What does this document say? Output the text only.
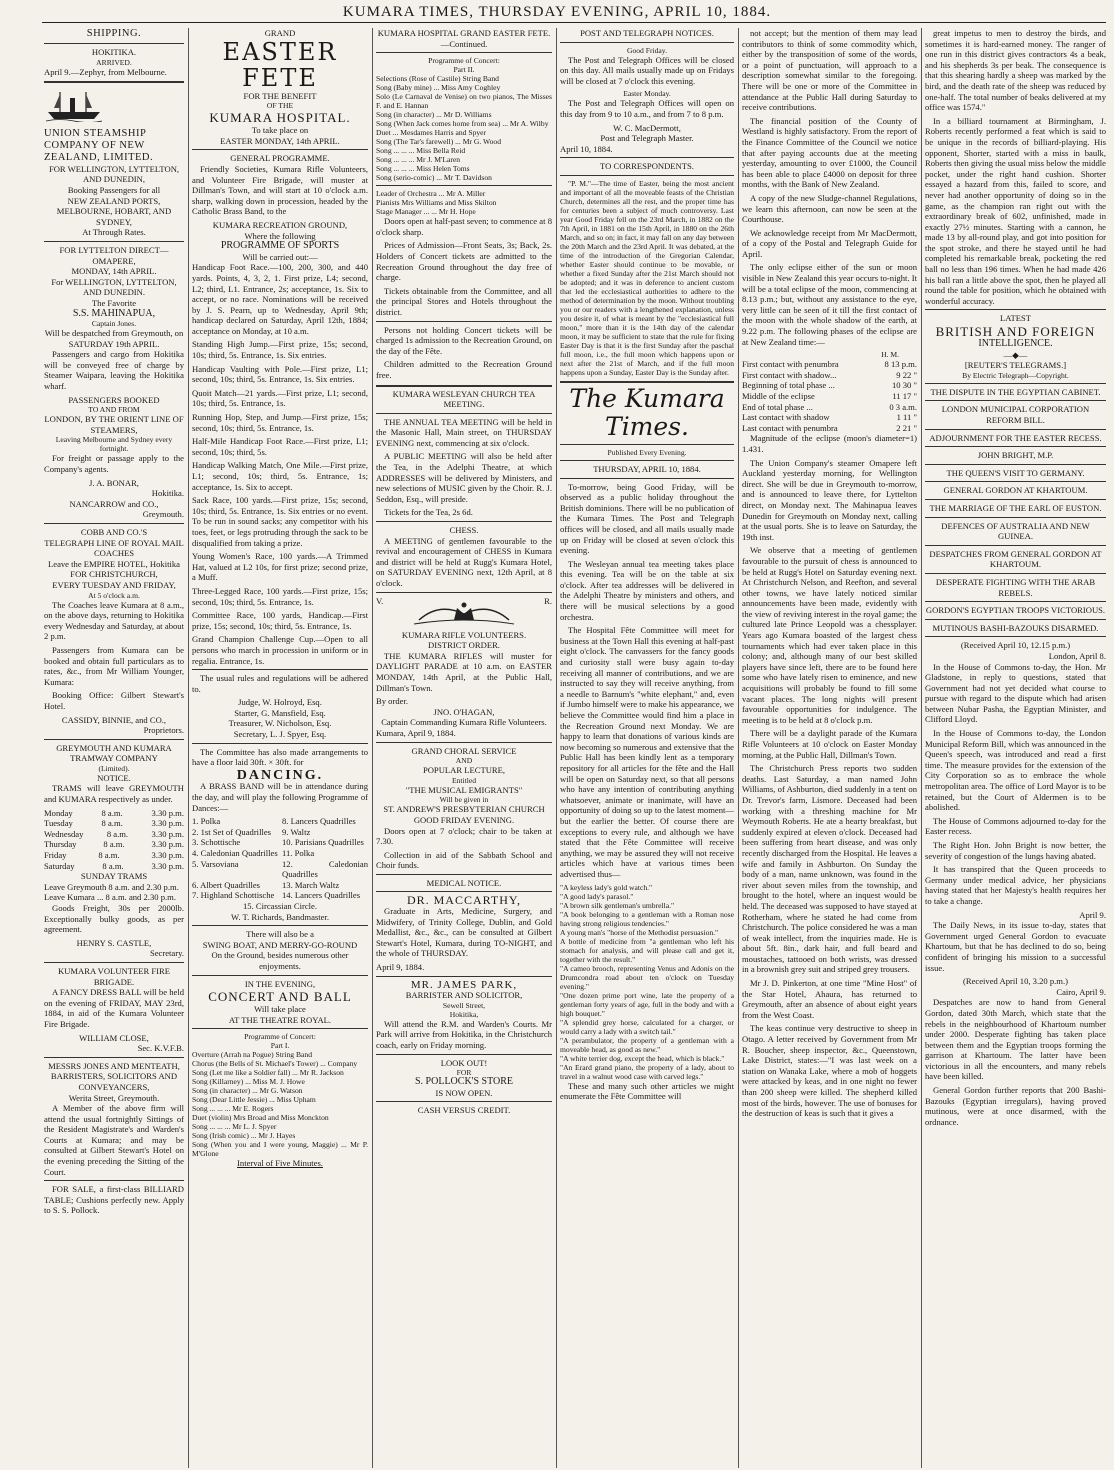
KUMARA TIMES, THURSDAY EVENING, APRIL 10, 1884.
SHIPPING.
HOKITIKA.
ARRIVED.
April 9.—Zephyr, from Melbourne.
UNION STEAMSHIP COMPANY OF NEW ZEALAND, LIMITED.
FOR WELLINGTON, LYTTELTON, AND DUNEDIN,
Booking Passengers for all
NEW ZEALAND PORTS, MELBOURNE, HOBART, AND SYDNEY,
At Through Rates.
FOR LYTTELTON DIRECT—OMAPERE,
MONDAY, 14th APRIL.
For WELLINGTON, LYTTELTON, AND DUNEDIN.
The Favorite
S.S. MAHINAPUA,
Captain Jones.
Will be despatched from Greymouth, on
SATURDAY 19th APRIL.

Passengers and cargo from Hokitika will be conveyed free of charge by Steamer Waipara, leaving the Hokitika wharf.

PASSENGERS BOOKED
TO AND FROM
LONDON, BY THE ORIENT LINE OF STEAMERS,
Leaving Melbourne and Sydney every fortnight.

For freight or passage apply to the Company's agents.

J. A. BONAR,
Hokitika.
NANCARROW and CO.,
Greymouth.
COBB AND CO.'S
TELEGRAPH LINE OF ROYAL MAIL COACHES
Leave the EMPIRE HOTEL, Hokitika FOR CHRISTCHURCH,
EVERY TUESDAY AND FRIDAY,
At 5 o'clock a.m.

The Coaches leave Kumara at 8 a.m., on the above days, returning to Hokitika every Wednesday and Saturday, at about 2 p.m.

Passengers from Kumara can be booked and obtain full particulars as to rates, &c., from Mr William Younger, Kumara:

Booking Office: Gilbert Stewart's Hotel.

CASSIDY, BINNIE, and CO.,
Proprietors.
GREYMOUTH AND KUMARA TRAMWAY COMPANY
(Limited).
NOTICE.

TRAMS will leave GREYMOUTH and KUMARA respectively as under.

Monday	8 a.m.	3.30 p.m.
Tuesday	8 a.m.	3.30 p.m.
Wednesday	8 a.m.	3.30 p.m.
Thursday	8 a.m.	3.30 p.m.
Friday	8 a.m.	3.30 p.m.
Saturday	8 a.m.	3.30 p.m.
SUNDAY TRAMS
Leave Greymouth 8 a.m. and 2.30 p.m.
Leave Kumara ... 8 a.m. and 2.30 p.m.

Goods Freight, 30s per 2000lb. Exceptionally bulky goods, as per agreement.

HENRY S. CASTLE,
Secretary.
KUMARA VOLUNTEER FIRE BRIGADE.

A FANCY DRESS BALL will be held on the evening of FRIDAY, MAY 23rd, 1884, in aid of the Kumara Volunteer Fire Brigade.

WILLIAM CLOSE,
Sec. K.V.F.B.
MESSRS JONES AND MENTEATH,
BARRISTERS, SOLICITORS AND CONVEYANCERS,
Werita Street, Greymouth.

A Member of the above firm will attend the usual fortnightly Sittings of the Resident Magistrate's and Warden's Courts at Kumara; and may be consulted at Gilbert Stewart's Hotel on the evening preceding the Sitting of the Court.

FOR SALE, a first-class BILLIARD TABLE; Cushions perfectly new. Apply to S. S. Pollock.

GRAND
EASTER FETE
FOR THE BENEFIT
OF THE
KUMARA HOSPITAL.
To take place on
EASTER MONDAY, 14th APRIL.
GENERAL PROGRAMME.

Friendly Societies, Kumara Rifle Volunteers, and Volunteer Fire Brigade, will muster at Dillman's Town, and will start at 10 o'clock a.m. sharp, walking down in procession, headed by the Catholic Brass Band, to the

KUMARA RECREATION GROUND,
Where the following
PROGRAMME OF SPORTS
Will be carried out:—

Handicap Foot Race.—100, 200, 300, and 440 yards. Points, 4, 3, 2, 1. First prize, L4; second, L2; third, L1. Entrance, 2s; acceptance, 1s. Six to accept, or no race. Nominations will be received by J. S. Pearn, up to Wednesday, April 9th; handicap declared on Saturday, April 12th, 1884; acceptance on Monday, at 10 a.m.

Standing High Jump.—First prize, 15s; second, 10s; third, 5s. Entrance, 1s. Six entries.

Handicap Vaulting with Pole.—First prize, L1; second, 10s; third, 5s. Entrance, 1s. Six entries.

Quoit Match—21 yards.—First prize, L1; second, 10s; third, 5s. Entrance, 1s.

Running Hop, Step, and Jump.—First prize, 15s; second, 10s; third, 5s. Entrance, 1s.

Half-Mile Handicap Foot Race.—First prize, L1; second, 10s; third, 5s.

Handicap Walking Match, One Mile.—First prize, L1; second, 10s; third, 5s. Entrance, 1s; acceptance, 1s. Six to accept.

Sack Race, 100 yards.—First prize, 15s; second, 10s; third, 5s. Entrance, 1s. Six entries or no event. To be run in sound sacks; any competitor with his toes, feet, or legs protruding through the sack to be disqualified from taking a prize.

Young Women's Race, 100 yards.—A Trimmed Hat, valued at L2 10s, for first prize; second prize, a Muff.

Three-Legged Race, 100 yards.—First prize, 15s; second, 10s; third, 5s. Entrance, 1s.

Committee Race, 100 yards, Handicap.—First prize, 15s; second, 10s; third, 5s. Entrance, 1s.

Grand Champion Challenge Cup.—Open to all persons who march in procession in uniform or in regalia. Entrance, 1s.

The usual rules and regulations will be adhered to.

Judge, W. Holroyd, Esq.
Starter, G. Mansfield, Esq.
Treasurer, W. Nicholson, Esq.
Secretary, L. J. Spyer, Esq.

The Committee has also made arrangements to have a floor laid 30ft. × 30ft. for

DANCING.

A BRASS BAND will be in attendance during the day, and will play the following Programme of Dances:—

1. Polka	8. Lancers Quadrilles
2. 1st Set of Quadrilles	9. Waltz
3. Schottische	10. Parisians Quadrilles
4. Caledonian Quadrilles 11. Polka
5. Varsoviana	12. Caledonian Quadrilles
6. Albert Quadrilles	13. March Waltz
7. Highland Schottische 14. Lancers Quadrilles
15. Circassian Circle.
W. T. Richards, Bandmaster.
There will also be a
SWING BOAT, AND MERRY-GO-ROUND
On the Ground, besides numerous other enjoyments.
IN THE EVENING,
CONCERT AND BALL
Will take place
AT THE THEATRE ROYAL.
Programme of Concert:
Part I.
Overture (Arrah na Pogue) String Band
Chorus (the Bells of St. Michael's Tower) ... Company
Song (Let me like a Soldier fall) ... Mr R. Jackson
Song (Killarney) ... Miss M. J. Howe
Song (in character) ... Mr G. Watson
Song (Dear Little Jessie) ... Miss Upham
Song ... ... ... Mr E. Rogers
Duet (violin) Mrs Broad and Miss Monckton
Song ... ... ... Mr L. J. Spyer
Song (Irish comic) ... Mr J. Hayes
Song (When you and I were young, Maggie) ... Mr P. M'Glone
Interval of Five Minutes.
KUMARA HOSPITAL GRAND EASTER FETE.—Continued.
Programme of Concert:
Part II.
Selections (Rose of Castile) String Band
Song (Baby mine) ... Miss Amy Coghley
Solo (Le Carnaval de Venise) on two pianos, The Misses F. and E. Hannan
Song (in character) ... Mr D. Williams
Song (When Jack comes home from sea) ... Mr A. Wilby
Duet ... Mesdames Harris and Spyer
Song (The Tar's farewell) ... Mr G. Wood
Song ... ... ... Miss Bella Reid
Song ... ... ... Mr J. M'Laren
Song ... ... ... Miss Helen Toms
Song (serio-comic) ... Mr T. Davidson
Leader of Orchestra ... Mr A. Miller
Pianists Mrs Williams and Miss Skilton
Stage Manager ... ... Mr H. Hope

Doors open at half-past seven; to commence at 8 o'clock sharp.

Prices of Admission—Front Seats, 3s; Back, 2s. Holders of Concert tickets are admitted to the Recreation Ground throughout the day free of charge.

Tickets obtainable from the Committee, and all the principal Stores and Hotels throughout the district.

Persons not holding Concert tickets will be charged 1s admission to the Recreation Ground, on the day of the Fête.

Children admitted to the Recreation Ground free.

KUMARA WESLEYAN CHURCH TEA MEETING.

THE ANNUAL TEA MEETING will be held in the Masonic Hall, Main street, on THURSDAY EVENING next, commencing at six o'clock.

A PUBLIC MEETING will also be held after the Tea, in the Adelphi Theatre, at which ADDRESSES will be delivered by Ministers, and new selections of MUSIC given by the Choir. R. J. Seddon, Esq., will preside.

Tickets for the Tea, 2s 6d.

CHESS.

A MEETING of gentlemen favourable to the revival and encouragement of CHESS in Kumara and district will be held at Rugg's Kumara Hotel, on SATURDAY EVENING next, 12th April, at 8 o'clock.

V.	R.
KUMARA RIFLE VOLUNTEERS.
DISTRICT ORDER.

THE KUMARA RIFLES will muster for DAYLIGHT PARADE at 10 a.m. on EASTER MONDAY, 14th April, at the Public Hall, Dillman's Town.

By order.
JNO. O'HAGAN,
Captain Commanding Kumara Rifle Volunteers.
Kumara, April 9, 1884.
GRAND CHORAL SERVICE
AND
POPULAR LECTURE,
Entitled
"THE MUSICAL EMIGRANTS"
Will be given in
ST. ANDREW'S PRESBYTERIAN CHURCH
GOOD FRIDAY EVENING.

Doors open at 7 o'clock; chair to be taken at 7.30.

Collection in aid of the Sabbath School and Choir funds.

MEDICAL NOTICE.
DR. MACCARTHY,

Graduate in Arts, Medicine, Surgery, and Midwifery, of Trinity College, Dublin, and Gold Medallist, &c., &c., can be consulted at Gilbert Stewart's Hotel, Kumara, during TO-NIGHT, and the whole of THURSDAY.

April 9, 1884.
MR. JAMES PARK,
BARRISTER AND SOLICITOR,
Sewell Street,
Hokitika,

Will attend the R.M. and Warden's Courts. Mr Park will arrive from Hokitika, in the Christchurch coach, early on Friday morning.

LOOK OUT!
FOR
S. POLLOCK'S STORE
IS NOW OPEN.
CASH VERSUS CREDIT.
POST AND TELEGRAPH NOTICES.
Good Friday.

The Post and Telegraph Offices will be closed on this day. All mails usually made up on Fridays will be closed at 7 o'clock this evening.

Easter Monday.

The Post and Telegraph Offices will open on this day from 9 to 10 a.m., and from 7 to 8 p.m.

W. C. MacDermott,
Post and Telegraph Master.
April 10, 1884.
TO CORRESPONDENTS.

"P. M."—The time of Easter, being the most ancient and important of all the moveable feasts of the Christian Church, determines all the rest, and the proper time has for centuries been a subject of much controversy. Last year Good Friday fell on the 23rd March, in 1882 on the 7th April, in 1881 on the 15th April, in 1880 on the 26th March, and so on; in fact, it may fall on any day between the 20th March and the 23rd April. It was debated, at the time of the introduction of the Gregorian Calendar, whether Easter should continue to be movable, or whether a fixed Sunday after the 21st March should not be adopted; and it was in deference to ancient custom that led the ecclesiastical authorities to adhere to the method of determination by the moon. Without troubling you or our readers with a lengthened explanation, unless you desire it, of what is meant by the "ecclesiastical full moon," more than it is the 14th day of the calendar moon, it may be sufficient to state that the rule for fixing Easter Day is that it is the first Sunday after the paschal full moon, i.e., the full moon which happens upon or next after the 21st of March, and if the full moon happens upon a Sunday, Easter Day is the Sunday after.

The Kumara Times.
Published Every Evening.
THURSDAY, APRIL 10, 1884.

To-morrow, being Good Friday, will be observed as a public holiday throughout the British dominions. There will be no publication of the Kumara Times. The Post and Telegraph offices will be closed, and all mails usually made up on Friday will be closed at seven o'clock this evening.

The Wesleyan annual tea meeting takes place this evening. Tea will be on the table at six o'clock. After tea addresses will be delivered in the Adelphi Theatre by ministers and others, and there will be musical selections by a good orchestra.

The Hospital Fête Committee will meet for business at the Town Hall this evening at half-past eight o'clock. The canvassers for the fancy goods and curiosity stall were busy again to-day receiving all manner of contributions, and we are instructed to say they will receive anything, from a needle to Barnum's "white elephant," and, even if Jumbo himself were to make his appearance, we believe the Committee would find him a place in the Recreation Ground next Monday. We are happy to learn that donations of various kinds are now becoming so numerous and extensive that the Public Hall has been kindly lent as a temporary repository for all articles for the fête and the Hall will be open on Saturday next, so that all persons who have any intention of contributing anything whatsoever, animate or inanimate, will have an opportunity of doing so up to the latest moment—but the earlier the better. Of course there are exceptions to every rule, and although we have stated that the Fête Committee will receive anything, we may be assured they will not receive articles which have at various times been advertised thus—

"A keyless lady's gold watch."
"A good lady's parasol."
"A brown silk gentleman's umbrella."
"A book belonging to a gentleman with a Roman nose having strong religious tendencies."
A young man's "horse of the Methodist persuasion."
A bottle of medicine from "a gentleman who left his stomach for analysis, and will please call and get it, together with the result."
"A cameo brooch, representing Venus and Adonis on the Drumcondra road about ten o'clock on Tuesday evening."
"One dozen prime port wine, late the property of a gentleman forty years of age, full in the body and with a high bouquet."
"A splendid grey horse, calculated for a charger, or would carry a lady with a switch tail."
"A perambulator, the property of a gentleman with a moveable head, as good as new."
"A white terrier dog, except the head, which is black."
"An Erard grand piano, the property of a lady, about to travel in a walnut wood case with carved legs."

These and many such other articles we might enumerate the Fête Committee will

not accept; but the mention of them may lead contributors to think of some commodity which, either by the transposition of some of the words, or a point of punctuation, will approach to a description somewhat similar to the foregoing. There will be one or more of the Committee in attendance at the Public Hall during Saturday to receive contributions.

The financial position of the County of Westland is highly satisfactory. From the report of the Finance Committee of the Council we notice that after paying accounts due at the meeting yesterday, amounting to over £1000, the Council has been able to place £4000 on deposit for three months, with the Bank of New Zealand.

A copy of the new Sludge-channel Regulations, we learn this afternoon, can now be seen at the Courthouse.

We acknowledge receipt from Mr MacDermott, of a copy of the Postal and Telegraph Guide for April.

The only eclipse either of the sun or moon visible in New Zealand this year occurs to-night. It will be a total eclipse of the moon, commencing at 8.13 p.m.; but, without any assistance to the eye, very little can be seen of it till the first contact of the moon with the whole shadow of the earth, at 9.22 p.m. The following phases of the eclipse are at New Zealand time:—

H. M.
First contact with penumbra	8 13 p.m.
First contact with shadow...	9 22 "
Beginning of total phase ...	10 30 "
Middle of the eclipse	11 17 "
End of total phase ...	0 3 a.m.
Last contact with shadow	1 11 "
Last contact with penumbra	2 21 "

Magnitude of the eclipse (moon's diameter=1) 1.431.

The Union Company's steamer Omapere left Auckland yesterday morning, for Wellington direct. She will be due in Greymouth to-morrow, and is announced to leave there, for Lyttelton direct, on Monday next. The Mahinapua leaves Dunedin for Greymouth on Monday next, calling at the usual ports. She is to leave on Saturday, the 19th inst.

We observe that a meeting of gentlemen favourable to the pursuit of chess is announced to be held at Rugg's Hotel on Saturday evening next. At Christchurch Nelson, and Reefton, and several other towns, we have lately noticed similar announcements have been made, evidently with the view of reviving interest in the royal game; the cultured late Prince Leopold was a chessplayer. Years ago Kumara boasted of the largest chess tournaments which had ever taken place in this colony; and, although many of our best skilled players have since left, there are to be found here some who have lately risen to eminence, and new acquisitions will probably be found to fill some vacant places. The long nights will present favourable opportunities for indulgence. The meeting is to be held at 8 o'clock p.m.

There will be a daylight parade of the Kumara Rifle Volunteers at 10 o'clock on Easter Monday morning, at the Public Hall, Dillman's Town.

The Christchurch Press reports two sudden deaths. Last Saturday, a man named John Williams, of Ashburton, died suddenly in a tent on Dr. Trevor's farm, Lismore. Deceased had been working with a threshing machine for Mr Weymouth Roberts. He ate a hearty breakfast, but suddenly expired at eleven o'clock. Deceased had been suffering from heart disease, and was only recently discharged from the Hospital. He leaves a wife and family in Ashburton. On Sunday the body of a man, name unknown, was found in the river about seven miles from the township, and brought to the hotel, where an inquest would be held. The deceased was supposed to have stayed at Rotherham, where he stated he had come from Christchurch. The police considered he was a man of weak intellect, from the inquiries made. He is about 5ft. 8in., dark hair, and full beard and moustaches, tattooed on both wrists, was dressed in a brownish grey suit and striped grey trousers.

Mr J. D. Pinkerton, at one time "Mine Host" of the Star Hotel, Ahaura, has returned to Greymouth, after an absence of about eight years from the West Coast.

The keas continue very destructive to sheep in Otago. A letter received by Government from Mr R. Boucher, sheep inspector, &c., Queenstown, Lake District, states:—"I was last week on a station on Wanaka Lake, where a mob of hoggets were attacked by keas, and in one night no fewer than 200 sheep were killed. The shepherd killed most of the birds, however. The use of bonuses for the destruction of keas is such that it gives a

great impetus to men to destroy the birds, and sometimes it is hard-earned money. The ranger of one run in this district gives contractors 4s a beak, and his shepherds 3s per beak. The consequence is that this shearing hardly a sheep was marked by the bird, and the death rate of the sheep was reduced by one-half. The total number of beaks delivered at my office was 1574."

In a billiard tournament at Birmingham, J. Roberts recently performed a feat which is said to be unique in the records of billiard-playing. His opponent, Shorter, started with a miss in baulk, Roberts then giving the usual miss below the middle pocket, under the right hand cushion. Shorter essayed a hazard from this, failed to score, and never had another opportunity of doing so in the game, as the champion ran right out with the extraordinary break of 602, unfinished, made in exactly 27½ minutes. Starting with a cannon, he made 13 by all-round play, and got into position for the spot stroke, and there he stayed until he had completed his remarkable break, pocketing the red ball no less than 196 times. When he had made 426 his ball ran a little above the spot, then he played all round the table for position, which he obtained with wonderful accuracy.

LATEST
BRITISH AND FOREIGN
INTELLIGENCE.
—◆—
[REUTER'S TELEGRAMS.]
By Electric Telegraph—Copyright.
THE DISPUTE IN THE EGYPTIAN CABINET.
LONDON MUNICIPAL CORPORATION REFORM BILL.
ADJOURNMENT FOR THE EASTER RECESS.
JOHN BRIGHT, M.P.
THE QUEEN'S VISIT TO GERMANY.
GENERAL GORDON AT KHARTOUM.
THE MARRIAGE OF THE EARL OF EUSTON.
DEFENCES OF AUSTRALIA AND NEW GUINEA.
DESPATCHES FROM GENERAL GORDON AT KHARTOUM.
DESPERATE FIGHTING WITH THE ARAB REBELS.
GORDON'S EGYPTIAN TROOPS VICTORIOUS.
MUTINOUS BASHI-BAZOUKS DISARMED.
(Received April 10, 12.15 p.m.)
London, April 8.

In the House of Commons to-day, the Hon. Mr Gladstone, in reply to questions, stated that Government had not yet decided what course to pursue with regard to the dispute which had arisen between Nubar Pasha, the Egyptian Minister, and Clifford Lloyd.

In the House of Commons to-day, the London Municipal Reform Bill, which was announced in the Queen's speech, was introduced and read a first time. The measure provides for the extension of the City Corporation so as to embrace the whole metropolitan area. The office of Lord Mayor is to be retained, but the Court of Aldermen is to be abolished.

The House of Commons adjourned to-day for the Easter recess.

The Right Hon. John Bright is now better, the severity of congestion of the lungs having abated.

It has transpired that the Queen proceeds to Germany under medical advice, her physicians having stated that her Majesty's health requires her to take a change.

April 9.

The Daily News, in its issue to-day, states that Government urged General Gordon to evacuate Khartoum, but that he has declined to do so, being confident of bringing his mission to a successful issue.

(Received April 10, 3.20 p.m.)
Cairo, April 9.

Despatches are now to hand from General Gordon, dated 30th March, which state that the rebels in the neighbourhood of Khartoum number under 2000. Desperate fighting has taken place between them and the Egyptian troops forming the garrison at Khartoum. The latter have been victorious in all the encounters, and many rebels have been killed.

General Gordon further reports that 200 Bashi-Bazouks (Egyptian irregulars), having proved mutinous, were at once disarmed, with the ordnance.
